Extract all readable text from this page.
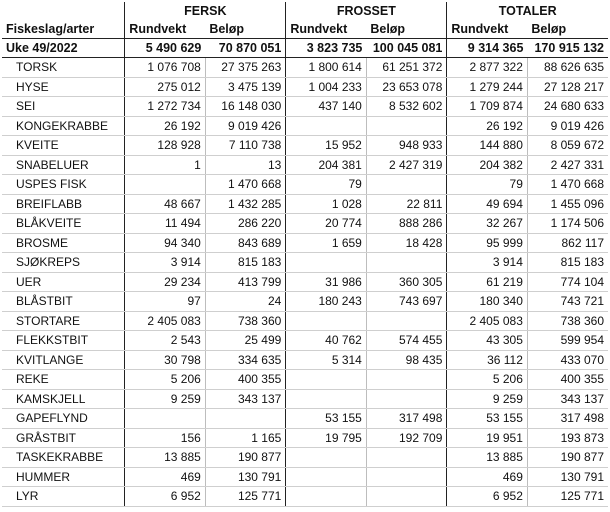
	FERSK		FROSSET		TOTALER	
Fiskeslag/arter	Rundvekt	Beløp	Rundvekt	Beløp	Rundvekt	Beløp
Uke 49/2022	5 490 629	70 870 051	3 823 735	100 045 081	9 314 365	170 915 132
TORSK	1 076 708	27 375 263	1 800 614	61 251 372	2 877 322	88 626 635
HYSE	275 012	3 475 139	1 004 233	23 653 078	1 279 244	27 128 217
SEI	1 272 734	16 148 030	437 140	8 532 602	1 709 874	24 680 633
KONGEKRABBE	26 192	9 019 426			26 192	9 019 426
KVEITE	128 928	7 110 738	15 952	948 933	144 880	8 059 672
SNABELUER	1	13	204 381	2 427 319	204 382	2 427 331
USPES FISK		1 470 668	79		79	1 470 668
BREIFLABB	48 667	1 432 285	1 028	22 811	49 694	1 455 096
BLÅKVEITE	11 494	286 220	20 774	888 286	32 267	1 174 506
BROSME	94 340	843 689	1 659	18 428	95 999	862 117
SJØKREPS	3 914	815 183			3 914	815 183
UER	29 234	413 799	31 986	360 305	61 219	774 104
BLÅSTBIT	97	24	180 243	743 697	180 340	743 721
STORTARE	2 405 083	738 360			2 405 083	738 360
FLEKKSTBIT	2 543	25 499	40 762	574 455	43 305	599 954
KVITLANGE	30 798	334 635	5 314	98 435	36 112	433 070
REKE	5 206	400 355			5 206	400 355
KAMSKJELL	9 259	343 137			9 259	343 137
GAPEFLYND			53 155	317 498	53 155	317 498
GRÅSTBIT	156	1 165	19 795	192 709	19 951	193 873
TASKEKRABBE	13 885	190 877			13 885	190 877
HUMMER	469	130 791			469	130 791
LYR	6 952	125 771			6 952	125 771
